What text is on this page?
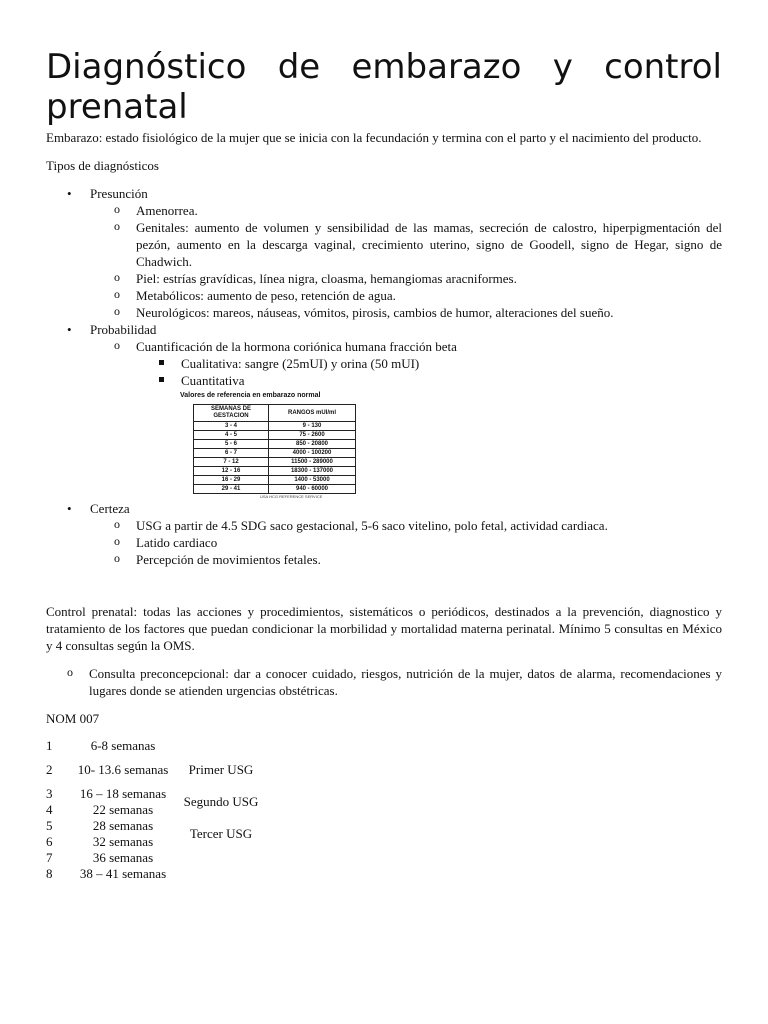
Diagnóstico de embarazo y control
prenatal

Embarazo: estado fisiológico de la mujer que se inicia con la fecundación y termina con el parto y el nacimiento del producto.

Tipos de diagnósticos

• Presunción
o Amenorrea.
o Genitales: aumento de volumen y sensibilidad de las mamas, secreción de calostro, hiperpigmentación del pezón, aumento en la descarga vaginal, crecimiento uterino, signo de Goodell, signo de Hegar, signo de Chadwich.
o Piel: estrías gravídicas, línea nigra, cloasma, hemangiomas aracniformes.
o Metabólicos: aumento de peso, retención de agua.
o Neurológicos: mareos, náuseas, vómitos, pirosis, cambios de humor, alteraciones del sueño.
• Probabilidad
o Cuantificación de la hormona coriónica humana fracción beta
Cualitativa: sangre (25mUI) y orina (50 mUI)
Cuantitativa
Valores de referencia en embarazo normal
SEMANAS DE GESTACION	RANGOS mUI/ml
3 - 4	9 - 130
4 - 5	75 - 2600
5 - 6	850 - 20800
6 - 7	4000 - 100200
7 - 12	11500 - 289000
12 - 16	18300 - 137000
16 - 29	1400 - 53000
29 - 41	940 - 60000
USA HCG REFERENCE SERVICE
• Certeza
o USG a partir de 4.5 SDG saco gestacional, 5-6 saco vitelino, polo fetal, actividad cardiaca.
o Latido cardiaco
o Percepción de movimientos fetales.

Control prenatal: todas las acciones y procedimientos, sistemáticos o periódicos, destinados a la prevención, diagnostico y tratamiento de los factores que puedan condicionar la morbilidad y mortalidad materna perinatal. Mínimo 5 consultas en México y 4 consultas según la OMS.

o Consulta preconcepcional: dar a conocer cuidado, riesgos, nutrición de la mujer, datos de alarma, recomendaciones y lugares donde se atienden urgencias obstétricas.

NOM 007

1	6-8 semanas	
2	10- 13.6 semanas	Primer USG
3	16 – 18 semanas	Segundo USG
4	22 semanas	
5	28 semanas	Tercer USG
6	32 semanas	
7	36 semanas	
8	38 – 41 semanas	
